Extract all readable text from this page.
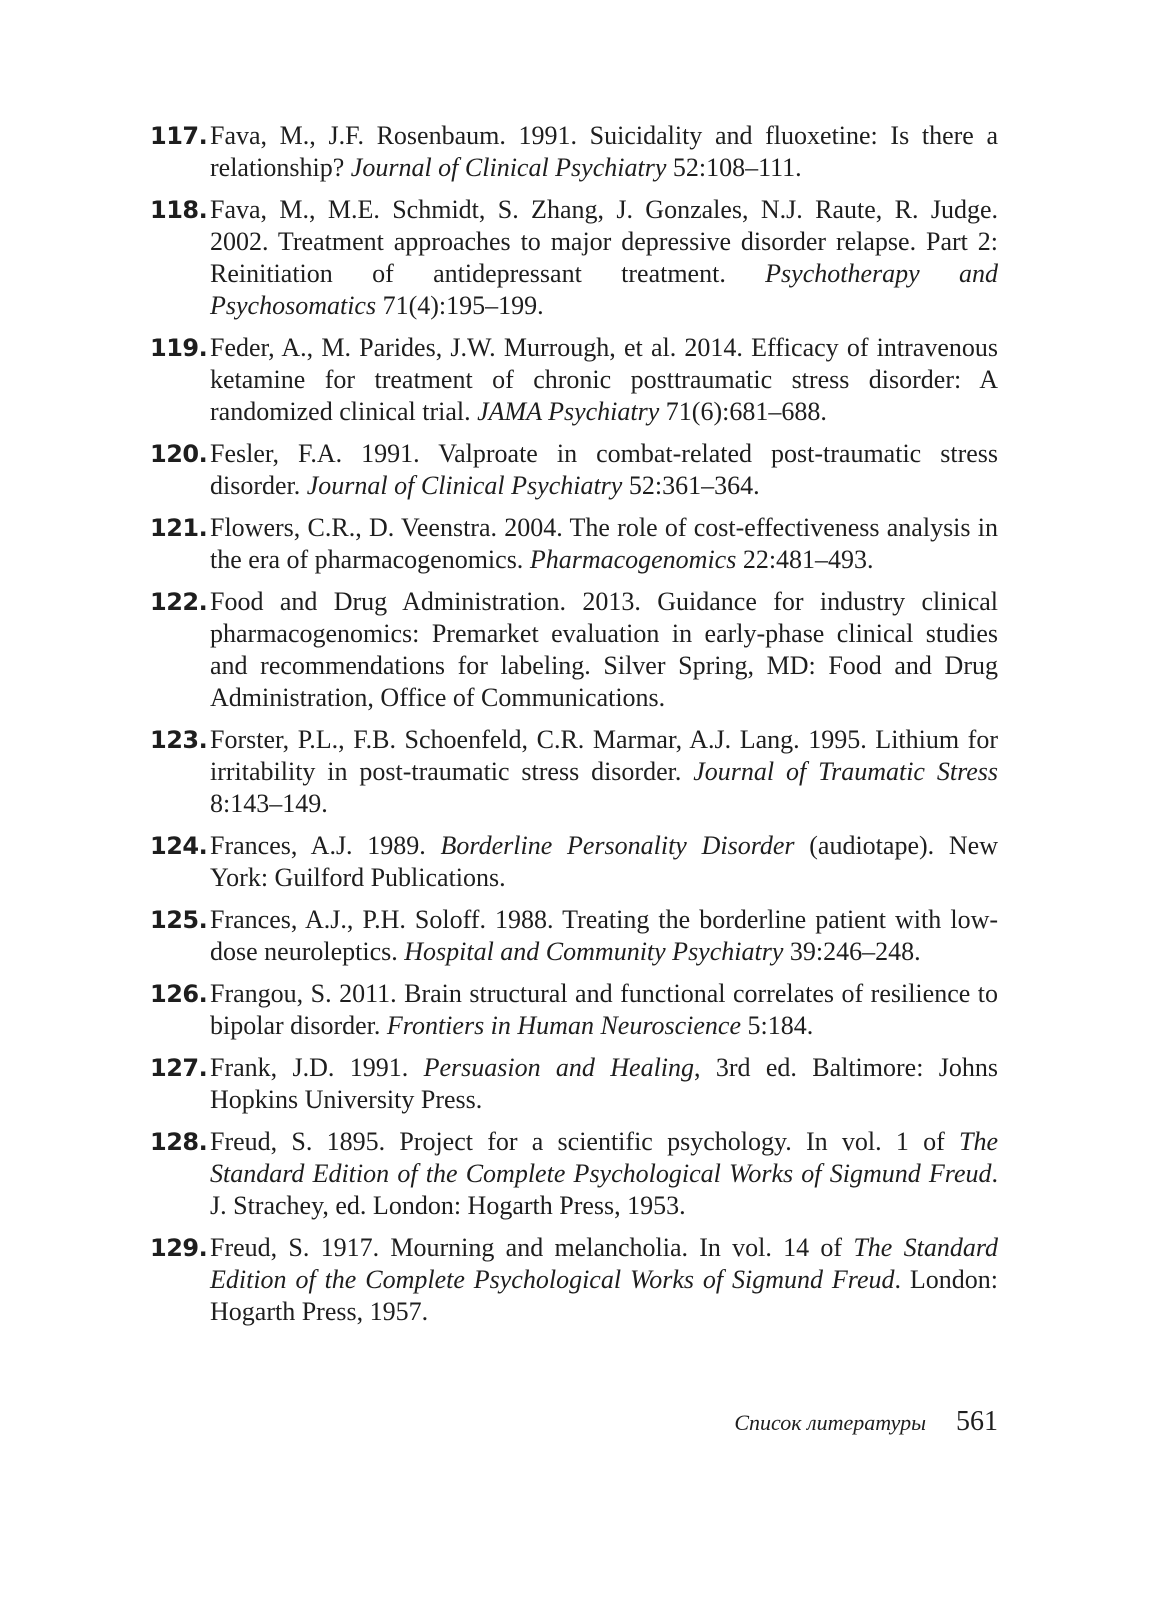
117. Fava, M., J.F. Rosenbaum. 1991. Suicidality and fluoxetine: Is there a relationship? Journal of Clinical Psychiatry 52:108–111.
118. Fava, M., M.E. Schmidt, S. Zhang, J. Gonzales, N.J. Raute, R. Judge. 2002. Treatment approaches to major depressive disorder relapse. Part 2: Reinitiation of antidepressant treatment. Psychotherapy and Psychosomatics 71(4):195–199.
119. Feder, A., M. Parides, J.W. Murrough, et al. 2014. Efficacy of intravenous ketamine for treatment of chronic posttraumatic stress disorder: A randomized clinical trial. JAMA Psychiatry 71(6):681–688.
120. Fesler, F.A. 1991. Valproate in combat-related post-traumatic stress disorder. Journal of Clinical Psychiatry 52:361–364.
121. Flowers, C.R., D. Veenstra. 2004. The role of cost-effectiveness analysis in the era of pharmacogenomics. Pharmacogenomics 22:481–493.
122. Food and Drug Administration. 2013. Guidance for industry clinical pharmacogenomics: Premarket evaluation in early-phase clinical studies and recommendations for labeling. Silver Spring, MD: Food and Drug Administration, Office of Communications.
123. Forster, P.L., F.B. Schoenfeld, C.R. Marmar, A.J. Lang. 1995. Lithium for irritability in post-traumatic stress disorder. Journal of Traumatic Stress 8:143–149.
124. Frances, A.J. 1989. Borderline Personality Disorder (audiotape). New York: Guilford Publications.
125. Frances, A.J., P.H. Soloff. 1988. Treating the borderline patient with low-dose neuroleptics. Hospital and Community Psychiatry 39:246–248.
126. Frangou, S. 2011. Brain structural and functional correlates of resilience to bipolar disorder. Frontiers in Human Neuroscience 5:184.
127. Frank, J.D. 1991. Persuasion and Healing, 3rd ed. Baltimore: Johns Hopkins University Press.
128. Freud, S. 1895. Project for a scientific psychology. In vol. 1 of The Standard Edition of the Complete Psychological Works of Sigmund Freud. J. Strachey, ed. London: Hogarth Press, 1953.
129. Freud, S. 1917. Mourning and melancholia. In vol. 14 of The Standard Edition of the Complete Psychological Works of Sigmund Freud. London: Hogarth Press, 1957.
Список литературы 561
